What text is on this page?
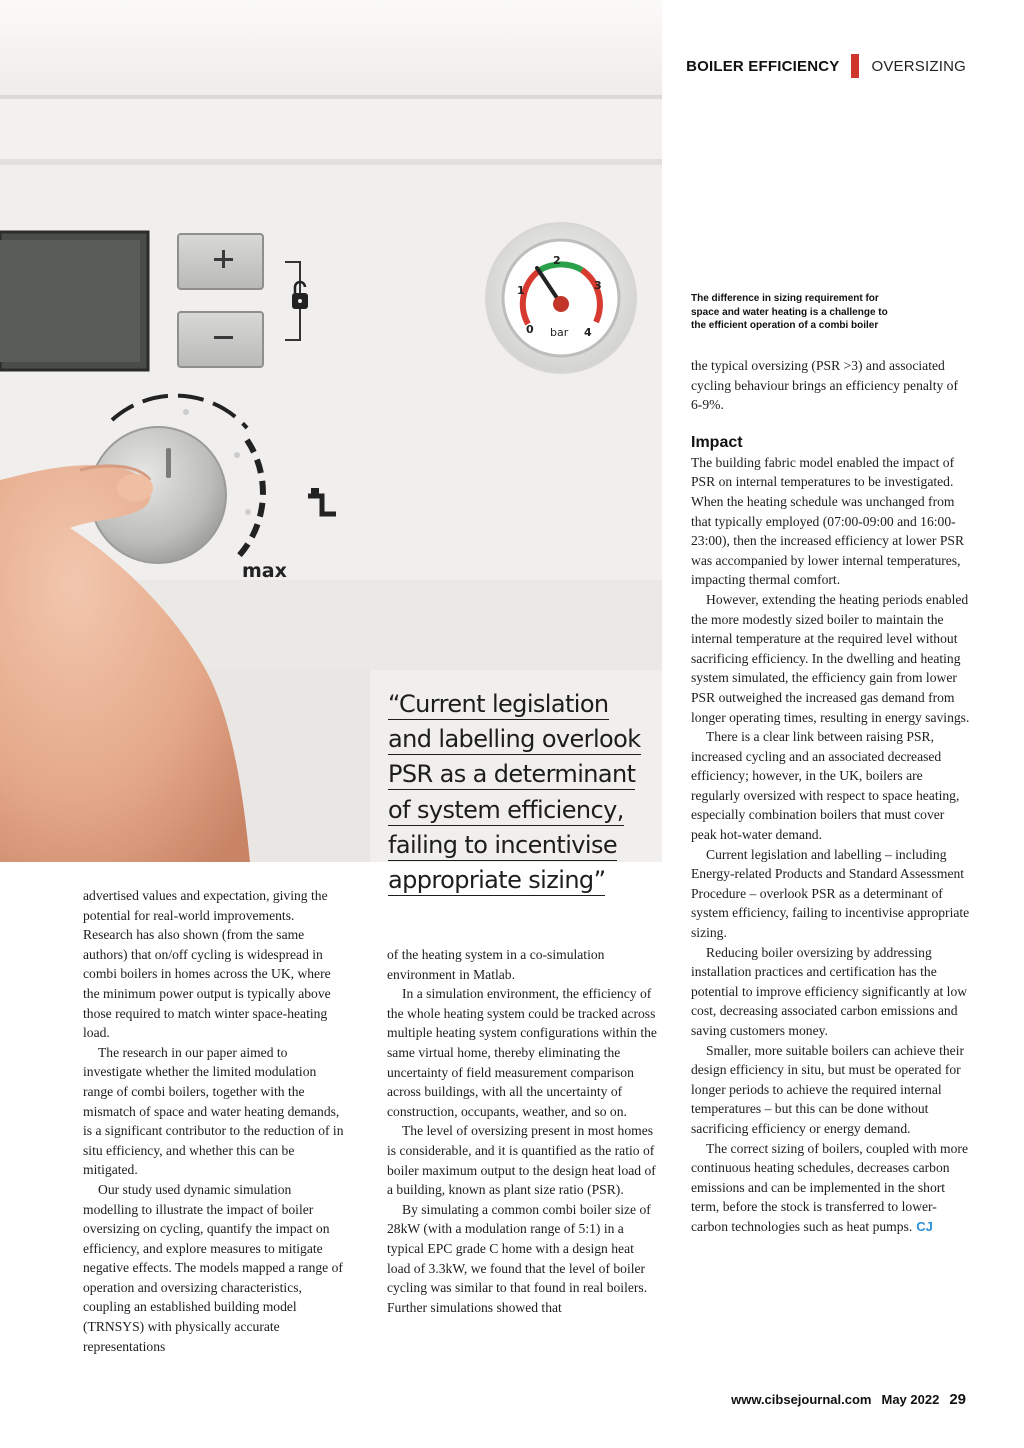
0
1
2
3
4
bar
max
BOILER EFFICIENCY OVERSIZING
The difference in sizing requirement for space and water heating is a challenge to the efficient operation of a combi boiler
“Current legislation
and labelling overlook
PSR as a determinant
of system efficiency,
failing to incentivise
appropriate sizing”

advertised values and expectation, giving the potential for real-world improvements. Research has also shown (from the same authors) that on/off cycling is widespread in combi boilers in homes across the UK, where the minimum power output is typically above those required to match winter space-heating load.

The research in our paper aimed to investigate whether the limited modulation range of combi boilers, together with the mismatch of space and water heating demands, is a significant contributor to the reduction of in situ efficiency, and whether this can be mitigated.

Our study used dynamic simulation modelling to illustrate the impact of boiler oversizing on cycling, quantify the impact on efficiency, and explore measures to mitigate negative effects. The models mapped a range of operation and oversizing characteristics, coupling an established building model (TRNSYS) with physically accurate representations

of the heating system in a co-simulation environment in Matlab.

In a simulation environment, the efficiency of the whole heating system could be tracked across multiple heating system configurations within the same virtual home, thereby eliminating the uncertainty of field measurement comparison across buildings, with all the uncertainty of construction, occupants, weather, and so on.

The level of oversizing present in most homes is considerable, and it is quantified as the ratio of boiler maximum output to the design heat load of a building, known as plant size ratio (PSR).

By simulating a common combi boiler size of 28kW (with a modulation range of 5:1) in a typical EPC grade C home with a design heat load of 3.3kW, we found that the level of boiler cycling was similar to that found in real boilers. Further simulations showed that

the typical oversizing (PSR >3) and associated cycling behaviour brings an efficiency penalty of 6-9%.

Impact

The building fabric model enabled the impact of PSR on internal temperatures to be investigated. When the heating schedule was unchanged from that typically employed (07:00-09:00 and 16:00-23:00), then the increased efficiency at lower PSR was accompanied by lower internal temperatures, impacting thermal comfort.

However, extending the heating periods enabled the more modestly sized boiler to maintain the internal temperature at the required level without sacrificing efficiency. In the dwelling and heating system simulated, the efficiency gain from lower PSR outweighed the increased gas demand from longer operating times, resulting in energy savings.

There is a clear link between raising PSR, increased cycling and an associated decreased efficiency; however, in the UK, boilers are regularly oversized with respect to space heating, especially combination boilers that must cover peak hot-water demand.

Current legislation and labelling – including Energy-related Products and Standard Assessment Procedure – overlook PSR as a determinant of system efficiency, failing to incentivise appropriate sizing.

Reducing boiler oversizing by addressing installation practices and certification has the potential to improve efficiency significantly at low cost, decreasing associated carbon emissions and saving customers money.

Smaller, more suitable boilers can achieve their design efficiency in situ, but must be operated for longer periods to achieve the required internal temperatures – but this can be done without sacrificing efficiency or energy demand.

The correct sizing of boilers, coupled with more continuous heating schedules, decreases carbon emissions and can be implemented in the short term, before the stock is transferred to lower-carbon technologies such as heat pumps. CJ

www.cibsejournal.com May 2022 29
